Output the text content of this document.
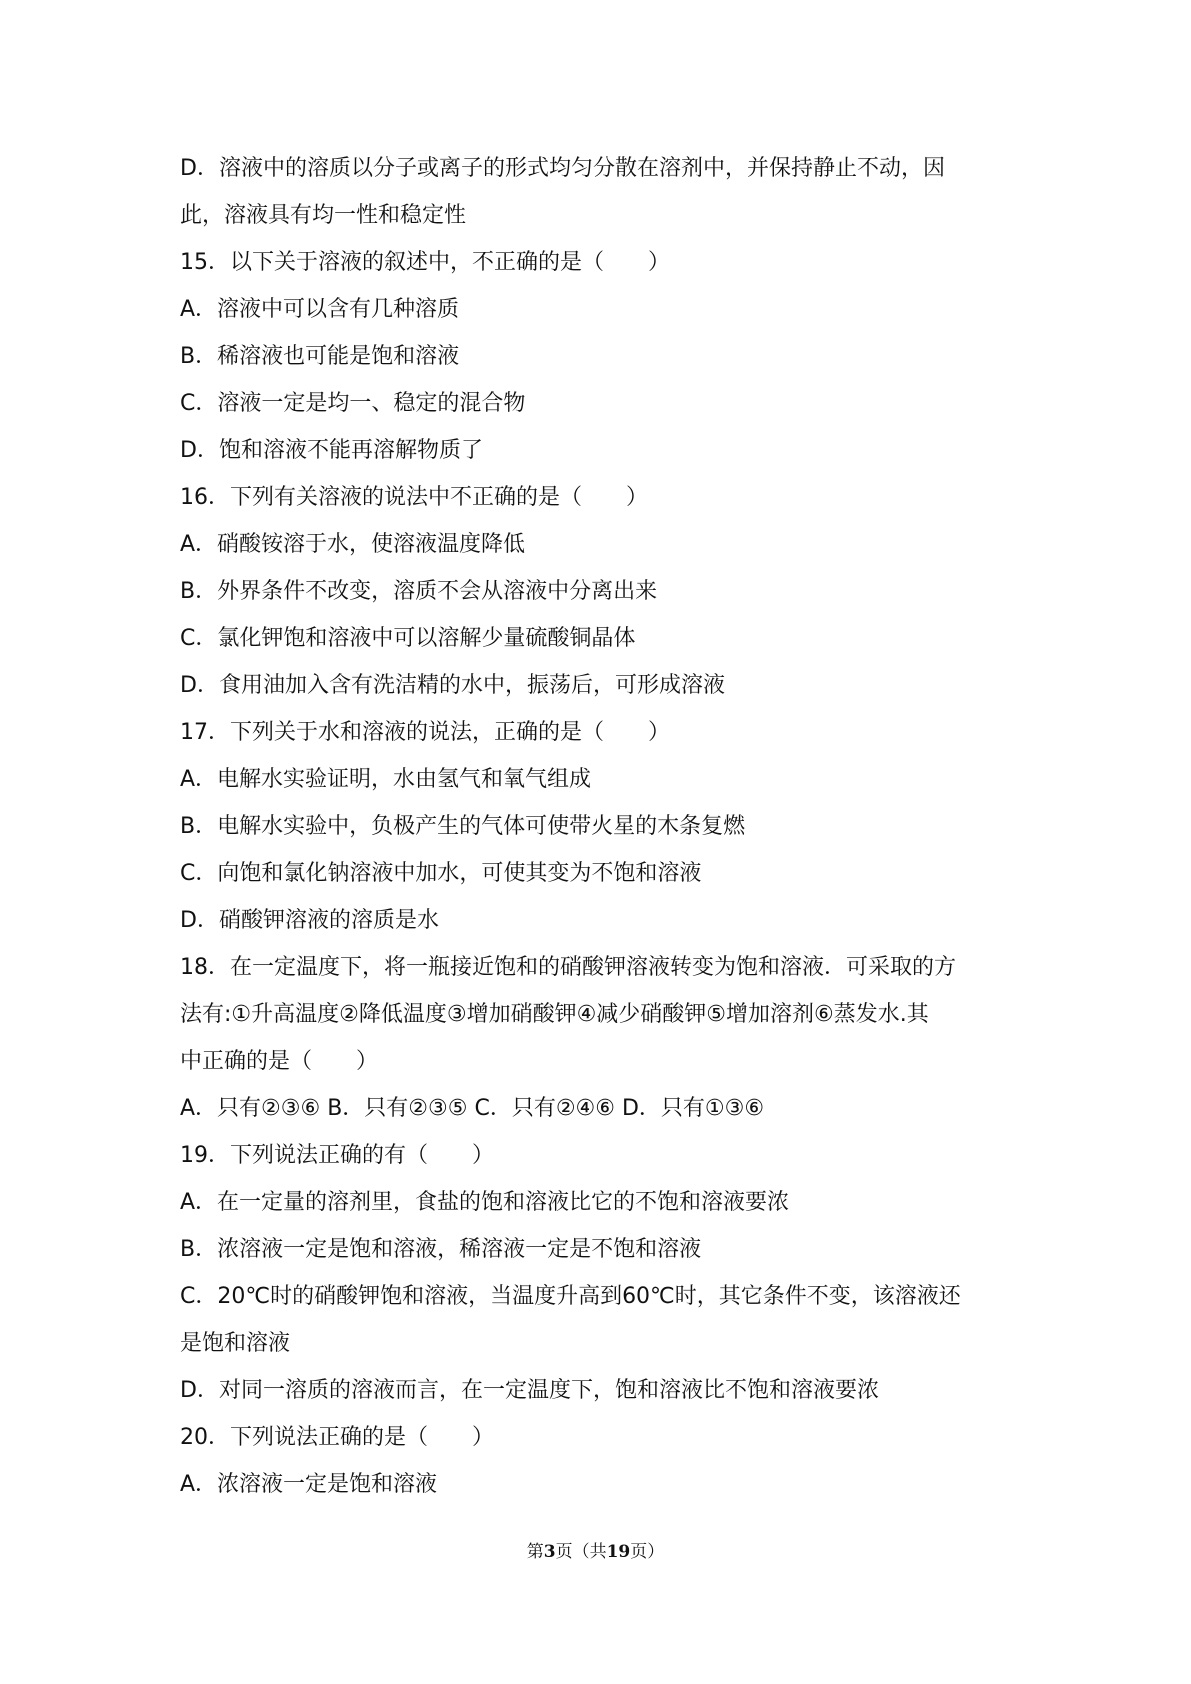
D．溶液中的溶质以分子或离子的形式均匀分散在溶剂中，并保持静止不动，因

此，溶液具有均一性和稳定性

15．以下关于溶液的叙述中，不正确的是（　　）

A．溶液中可以含有几种溶质

B．稀溶液也可能是饱和溶液

C．溶液一定是均一、稳定的混合物

D．饱和溶液不能再溶解物质了

16．下列有关溶液的说法中不正确的是（　　）

A．硝酸铵溶于水，使溶液温度降低

B．外界条件不改变，溶质不会从溶液中分离出来

C．氯化钾饱和溶液中可以溶解少量硫酸铜晶体

D．食用油加入含有洗洁精的水中，振荡后，可形成溶液

17．下列关于水和溶液的说法，正确的是（　　）

A．电解水实验证明，水由氢气和氧气组成

B．电解水实验中，负极产生的气体可使带火星的木条复燃

C．向饱和氯化钠溶液中加水，可使其变为不饱和溶液

D．硝酸钾溶液的溶质是水

18．在一定温度下，将一瓶接近饱和的硝酸钾溶液转变为饱和溶液．可采取的方

法有:①升高温度②降低温度③增加硝酸钾④减少硝酸钾⑤增加溶剂⑥蒸发水.其

中正确的是（　　）

A．只有②③⑥ B．只有②③⑤ C．只有②④⑥ D．只有①③⑥

19．下列说法正确的有（　　）

A．在一定量的溶剂里，食盐的饱和溶液比它的不饱和溶液要浓

B．浓溶液一定是饱和溶液，稀溶液一定是不饱和溶液

C．20℃时的硝酸钾饱和溶液，当温度升高到60℃时，其它条件不变，该溶液还

是饱和溶液

D．对同一溶质的溶液而言，在一定温度下，饱和溶液比不饱和溶液要浓

20．下列说法正确的是（　　）

A．浓溶液一定是饱和溶液

第3页（共19页）
